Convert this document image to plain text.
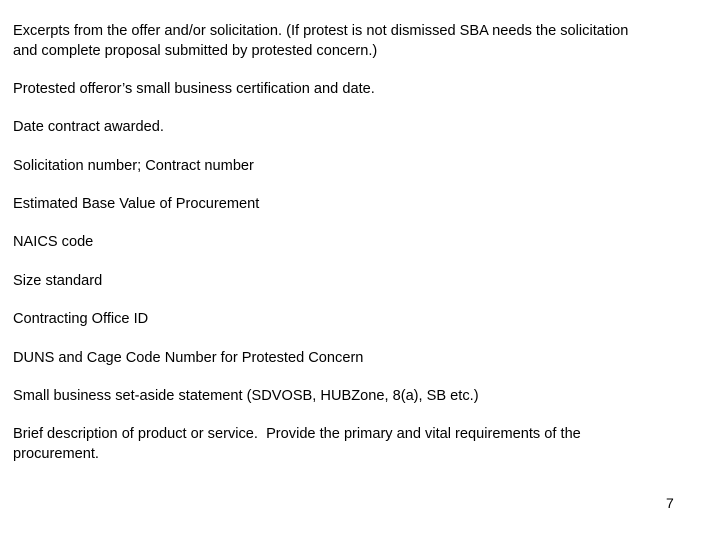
Excerpts from the offer and/or solicitation. (If protest is not dismissed SBA needs the solicitation
and complete proposal submitted by protested concern.)

Protested offeror’s small business certification and date.

Date contract awarded.

Solicitation number; Contract number

Estimated Base Value of Procurement

NAICS code

Size standard

Contracting Office ID

DUNS and Cage Code Number for Protested Concern

Small business set-aside statement (SDVOSB, HUBZone, 8(a), SB etc.)

Brief description of product or service.  Provide the primary and vital requirements of the
procurement.

7
